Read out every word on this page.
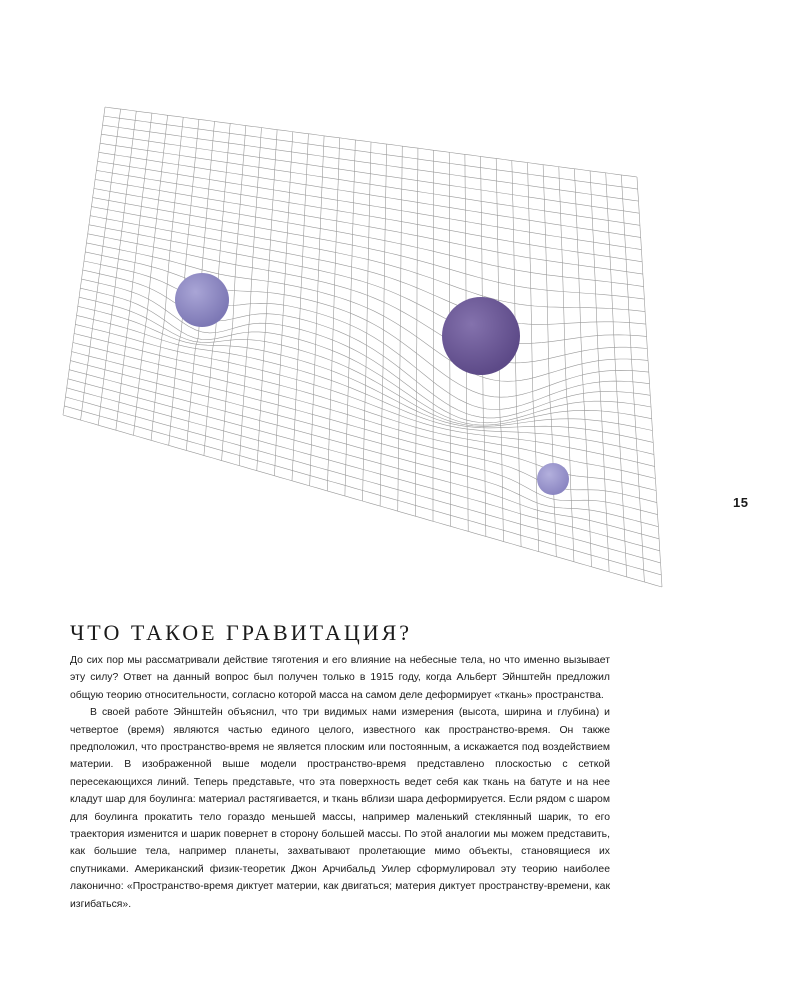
15
ЧТО ТАКОЕ ГРАВИТАЦИЯ?

До сих пор мы рассматривали действие тяготения и его влияние на небесные тела, но что именно вызывает эту силу? Ответ на данный вопрос был получен только в 1915 году, когда Альберт Эйнштейн предложил общую теорию относительности, согласно которой масса на самом деле деформирует «ткань» пространства.

В своей работе Эйнштейн объяснил, что три видимых нами измерения (высота, ширина и глубина) и четвертое (время) являются частью единого целого, известного как пространство-время. Он также предположил, что пространство-время не является плоским или постоянным, а искажается под воздействием материи. В изображенной выше модели пространство-время представлено плоскостью с сеткой пересекающихся линий. Теперь представьте, что эта поверхность ведет себя как ткань на батуте и на нее кладут шар для боулинга: материал растягивается, и ткань вблизи шара деформируется. Если рядом с шаром для боулинга прокатить тело гораздо меньшей массы, например маленький стеклянный шарик, то его траектория изменится и шарик повернет в сторону большей массы. По этой аналогии мы можем представить, как большие тела, например планеты, захватывают пролетающие мимо объекты, становящиеся их спутниками. Американский физик-теоретик Джон Арчибальд Уилер сформулировал эту теорию наиболее лаконично: «Пространство-время диктует материи, как двигаться; материя диктует пространству-времени, как изгибаться».
